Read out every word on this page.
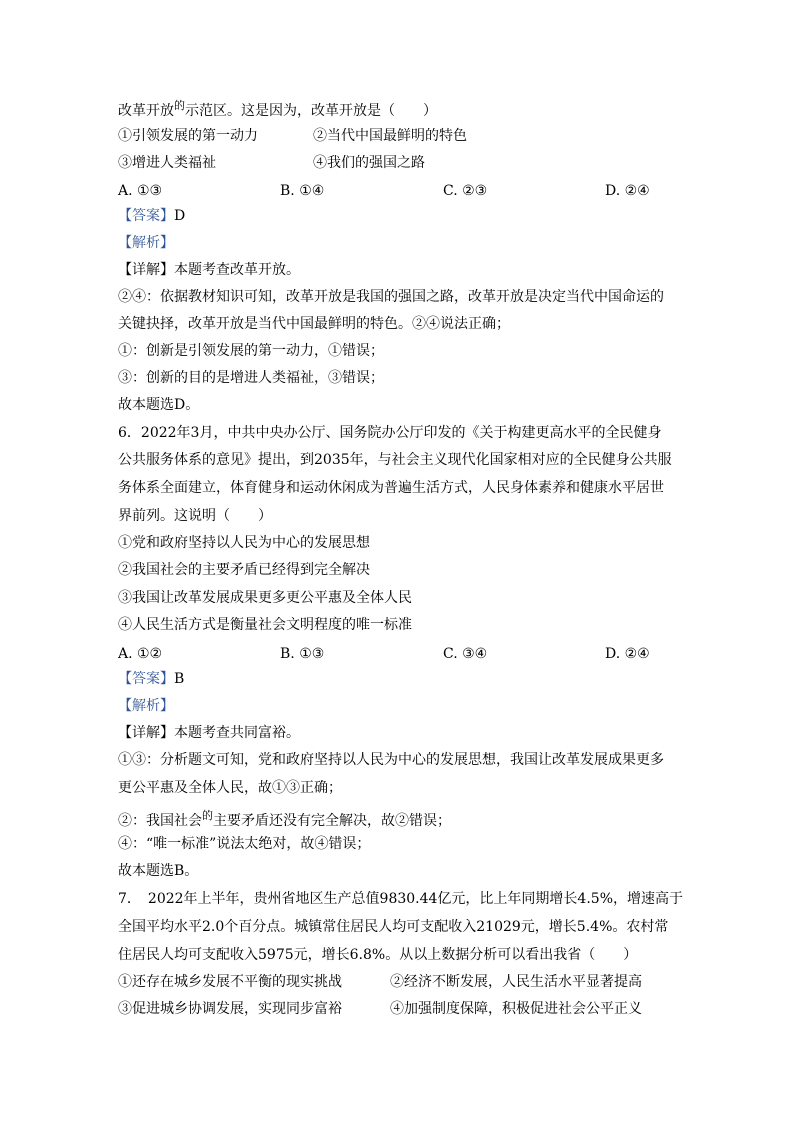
改革开放$^的$示范区。这是因为，改革开放是（　　）
①引领发展的第一动力	②当代中国最鲜明的特色
③增进人类福祉	④我们的强国之路
A. ①③	B. ①④	C. ②③	D. ②④
【答案】D
【解析】
【详解】本题考查改革开放。
②④：依据教材知识可知，改革开放是我国的强国之路，改革开放是决定当代中国命运的
关键抉择，改革开放是当代中国最鲜明的特色。②④说法正确；
①：创新是引领发展的第一动力，①错误；
③：创新的目的是增进人类福祉，③错误；
故本题选D。
6．2022年3月，中共中央办公厅、国务院办公厅印发的《关于构建更高水平的全民健身
公共服务体系的意见》提出，到2035年，与社会主义现代化国家相对应的全民健身公共服
务体系全面建立，体育健身和运动休闲成为普遍生活方式，人民身体素养和健康水平居世
界前列。这说明（　　）
①党和政府坚持以人民为中心的发展思想
②我国社会的主要矛盾已经得到完全解决
③我国让改革发展成果更多更公平惠及全体人民
④人民生活方式是衡量社会文明程度的唯一标准
A. ①②	B. ①③	C. ③④	D. ②④
【答案】B
【解析】
【详解】本题考查共同富裕。
①③：分析题文可知，党和政府坚持以人民为中心的发展思想，我国让改革发展成果更多
更公平惠及全体人民，故①③正确；
②：我国社会$^的$主要矛盾还没有完全解决，故②错误；
④：“唯一标准”说法太绝对，故④错误；
故本题选B。
7．　2022年上半年，贵州省地区生产总值9830.44亿元，比上年同期增长4.5%，增速高于
全国平均水平2.0个百分点。城镇常住居民人均可支配收入21029元，增长5.4%。农村常
住居民人均可支配收入5975元，增长6.8%。从以上数据分析可以看出我省（　　）
①还存在城乡发展不平衡的现实挑战	②经济不断发展，人民生活水平显著提高
③促进城乡协调发展，实现同步富裕	④加强制度保障，积极促进社会公平正义
